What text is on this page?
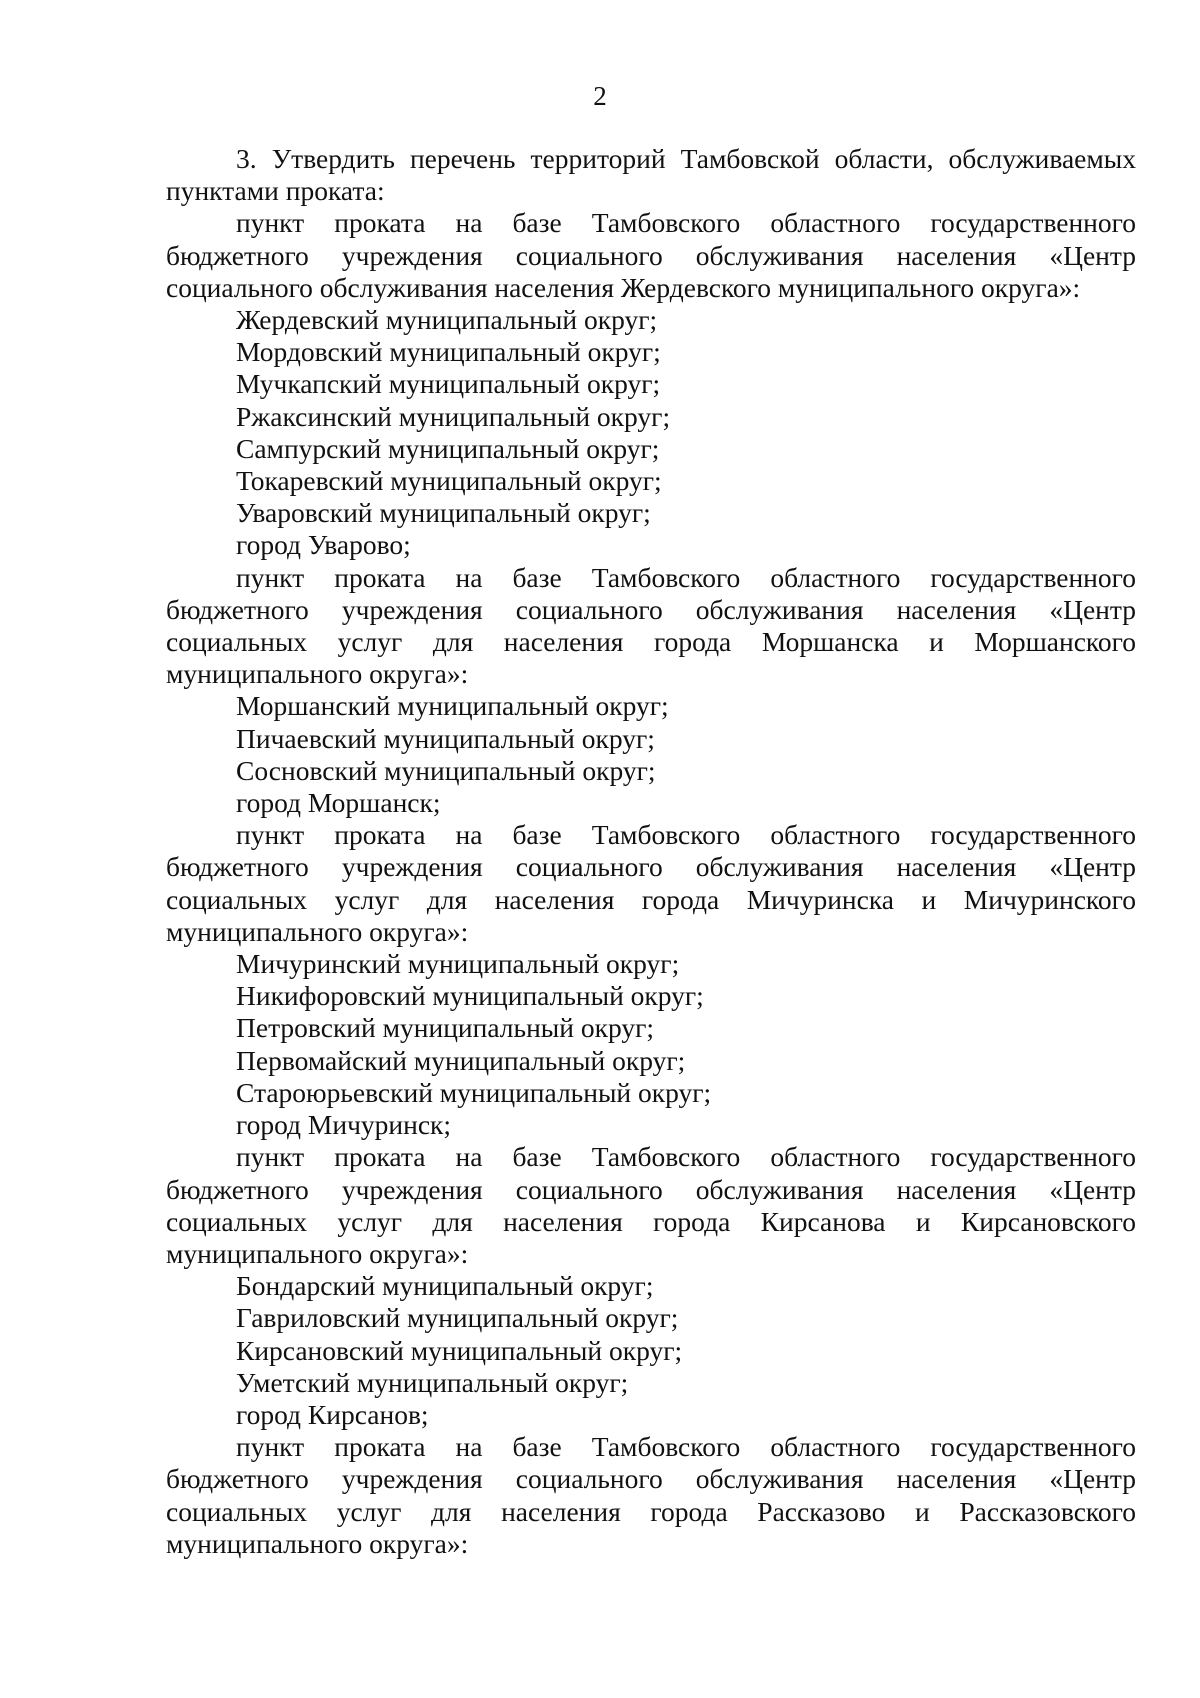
2

3. Утвердить перечень территорий Тамбовской области, обслуживаемых пунктами проката:

пункт проката на базе Тамбовского областного государственного бюджетного учреждения социального обслуживания населения «Центр социального обслуживания населения Жердевского муниципального округа»:

Жердевский муниципальный округ;

Мордовский муниципальный округ;

Мучкапский муниципальный округ;

Ржаксинский муниципальный округ;

Сампурский муниципальный округ;

Токаревский муниципальный округ;

Уваровский муниципальный округ;

город Уварово;

пункт проката на базе Тамбовского областного государственного бюджетного учреждения социального обслуживания населения «Центр социальных услуг для населения города Моршанска и Моршанского муниципального округа»:

Моршанский муниципальный округ;

Пичаевский муниципальный округ;

Сосновский муниципальный округ;

город Моршанск;

пункт проката на базе Тамбовского областного государственного бюджетного учреждения социального обслуживания населения «Центр социальных услуг для населения города Мичуринска и Мичуринского муниципального округа»:

Мичуринский муниципальный округ;

Никифоровский муниципальный округ;

Петровский муниципальный округ;

Первомайский муниципальный округ;

Староюрьевский муниципальный округ;

город Мичуринск;

пункт проката на базе Тамбовского областного государственного бюджетного учреждения социального обслуживания населения «Центр социальных услуг для населения города Кирсанова и Кирсановского муниципального округа»:

Бондарский муниципальный округ;

Гавриловский муниципальный округ;

Кирсановский муниципальный округ;

Уметский муниципальный округ;

город Кирсанов;

пункт проката на базе Тамбовского областного государственного бюджетного учреждения социального обслуживания населения «Центр социальных услуг для населения города Рассказово и Рассказовского муниципального округа»:
